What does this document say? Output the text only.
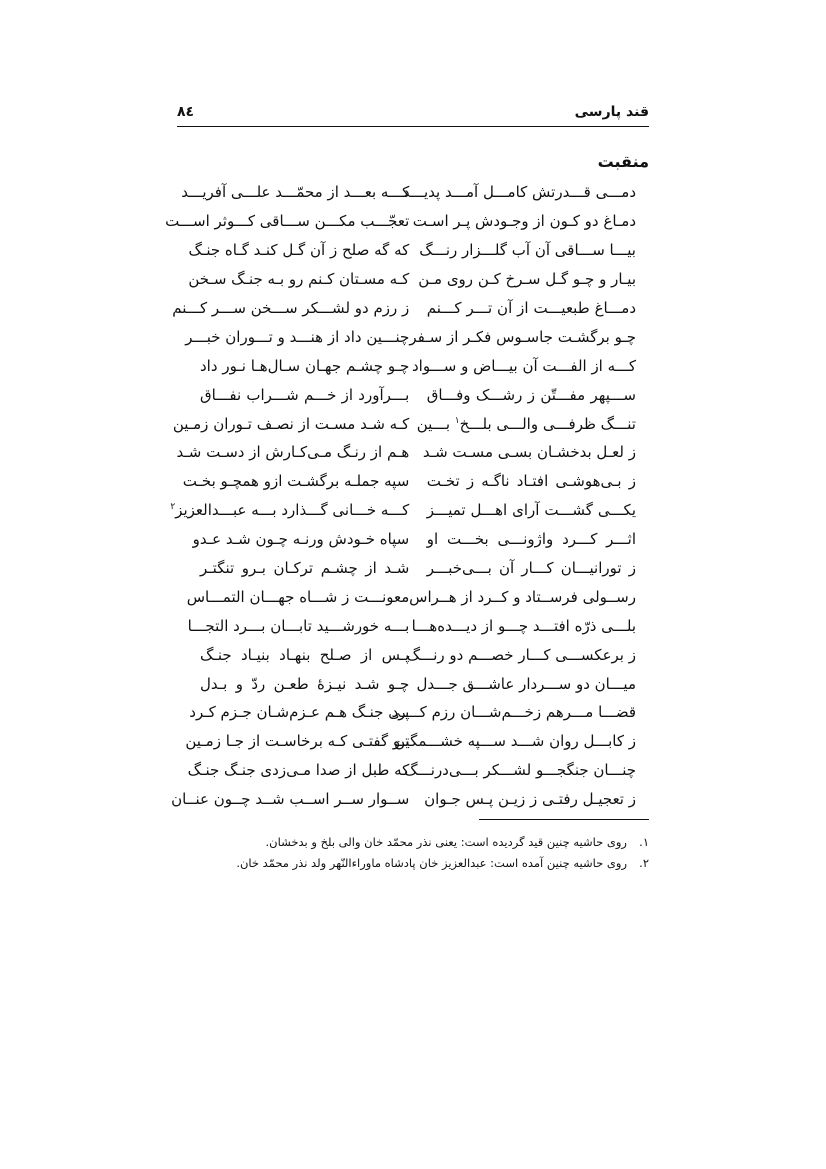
قند پارسی
۸٤
منقبت
دمـــی قـــدرتش کامـــل آمـــد پدیـــد
کـــه بعـــد از محمّـــد علـــی آفریـــد
دمـاغ دو کـون از وجـودش پـر اسـت
تعجّـــب مکـــن ســـاقی کـــوثر اســـت
بیـــا ســـاقی آن آب گلـــزار رنـــگ
که گه صلح ز آن گـل کنـد گـاه جنـگ
بیـار و چـو گـل سـرخ کـن روی مـن
کـه مسـتان کـنم رو بـه جنـگ سـخن
دمـــاغ طبعیـــت از آن تـــر کـــنم
ز رزم دو لشـــکر ســـخن ســـر کـــنم
چـو برگشـت جاسـوس فکـر از سـفر
چنـــین داد از هنـــد و تـــوران خبـــر
کـــه از الفـــت آن بیـــاض و ســـواد
چـو چشـم جهـان سـال‌هـا نـور داد
ســـپهر مفـــتّن ز رشـــک وفـــاق
بـــرآورد از خـــم شـــراب نفـــاق
تنـــگ ظرفـــی والـــی بلـــخ$^۱$ بـــین
کـه شـد مسـت از نصـف تـوران زمـین
ز لعـل بدخشـان بسـی مسـت شـد
هـم از رنـگ مـی‌کـارش از دسـت شـد
ز بـی‌هوشـی افتـاد ناگـه ز تخـت
سپه جملـه برگشـت ازو همچـو بخـت
یکـــی گشـــت آرای اهـــل تمیـــز
کـــه خـــانی گـــذارد بـــه عبـــدالعزیز$^۲$
اثـــر کـــرد واژونـــی بخـــت او
سپاه خـودش ورنـه چـون شـد عـدو
ز تورانیـــان کـــار آن بـــی‌خبـــر
شـد از چشـم ترکـان بـرو تنگتـر
رســولی فرســتاد و کــرد از هــراس
معونـــت ز شـــاه جهـــان التمـــاس
بلـــی ذرّه افتـــد چـــو از دیـــده‌هـــا
بـــه خورشـــید تابـــان بـــرد التجـــا
ز برعکســـی کـــار خصـــم دو رنـــگ
پـس از صـلح بنهـاد بنیـاد جنـگ
میـــان دو ســـردار عاشـــق جـــدل
چـو شـد نیـزهٔ طعـن ردّ و بـدل
قضـــا مـــرهم زخـــم‌شـــان رزم کـــرد
پـی جنـگ هـم عـزم‌شـان جـزم کـرد
ز کابـــل روان شـــد ســـپه خشـــمگین
تـو گفتـی کـه برخاسـت از جـا زمـین
چنـــان جنگجـــو لشـــکر بـــی‌درنـــگ
که طبل از صدا مـی‌زدی جنـگ جنـگ
ز تعجیـل رفتـی ز زیـن پـس جـوان
ســوار ســر اســب شــد چــون عنــان
۱.روی حاشیه چنین قید گردیده است: یعنی نذر محمّد خان والی بلخ و بدخشان.
۲.روی حاشیه چنین آمده است: عبدالعزیز خان پادشاه ماوراءالنّهر ولد نذر محمّد خان.
